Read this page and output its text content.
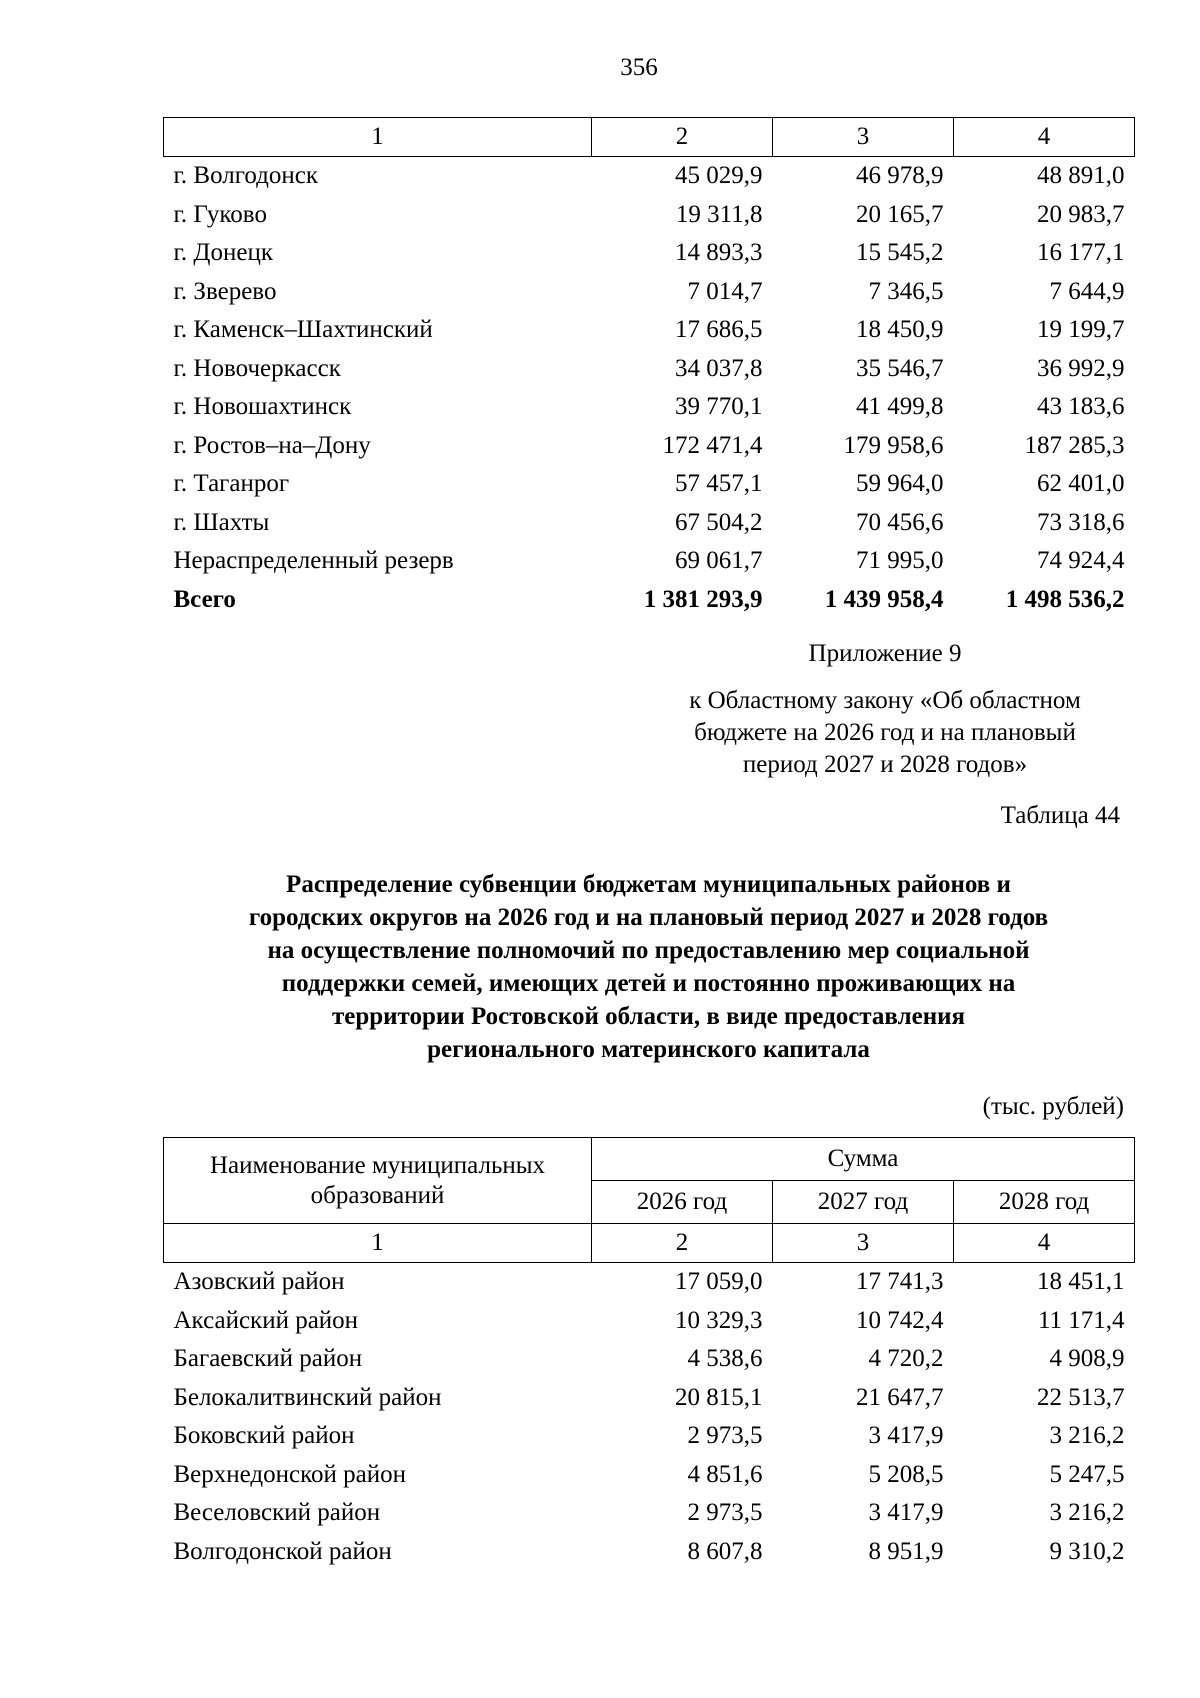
356
1	2	3	4
г. Волгодонск	45 029,9	46 978,9	48 891,0
г. Гуково	19 311,8	20 165,7	20 983,7
г. Донецк	14 893,3	15 545,2	16 177,1
г. Зверево	7 014,7	7 346,5	7 644,9
г. Каменск–Шахтинский	17 686,5	18 450,9	19 199,7
г. Новочеркасск	34 037,8	35 546,7	36 992,9
г. Новошахтинск	39 770,1	41 499,8	43 183,6
г. Ростов–на–Дону	172 471,4	179 958,6	187 285,3
г. Таганрог	57 457,1	59 964,0	62 401,0
г. Шахты	67 504,2	70 456,6	73 318,6
Нераспределенный резерв	69 061,7	71 995,0	74 924,4
Всего	1 381 293,9	1 439 958,4	1 498 536,2
Приложение 9
к Областному закону «Об областном
бюджете на 2026 год и на плановый
период 2027 и 2028 годов»
Таблица 44
Распределение субвенции бюджетам муниципальных районов и
городских округов на 2026 год и на плановый период 2027 и 2028 годов
на осуществление полномочий по предоставлению мер социальной
поддержки семей, имеющих детей и постоянно проживающих на
территории Ростовской области, в виде предоставления
регионального материнского капитала
(тыс. рублей)
Наименование муниципальных
образований	Сумма		
	2026 год	2027 год	2028 год
1	2	3	4
Азовский район	17 059,0	17 741,3	18 451,1
Аксайский район	10 329,3	10 742,4	11 171,4
Багаевский район	4 538,6	4 720,2	4 908,9
Белокалитвинский район	20 815,1	21 647,7	22 513,7
Боковский район	2 973,5	3 417,9	3 216,2
Верхнедонской район	4 851,6	5 208,5	5 247,5
Веселовский район	2 973,5	3 417,9	3 216,2
Волгодонской район	8 607,8	8 951,9	9 310,2
